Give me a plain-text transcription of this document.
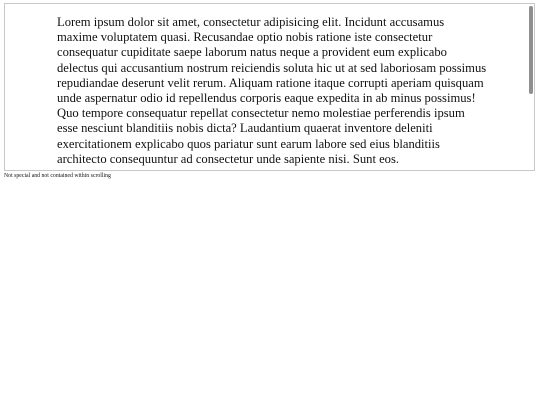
Lorem ipsum dolor sit amet, consectetur adipisicing elit. Incidunt accusamus maxime voluptatem quasi. Recusandae optio nobis ratione iste consectetur consequatur cupiditate saepe laborum natus neque a provident eum explicabo delectus qui accusantium nostrum reiciendis soluta hic ut at sed laboriosam possimus repudiandae deserunt velit rerum. Aliquam ratione itaque corrupti aperiam quisquam unde aspernatur odio id repellendus corporis eaque expedita in ab minus possimus! Quo tempore consequatur repellat consectetur nemo molestiae perferendis ipsum esse nesciunt blanditiis nobis dicta? Laudantium quaerat inventore deleniti exercitationem explicabo quos pariatur sunt earum labore sed eius blanditiis architecto consequuntur ad consectetur unde sapiente nisi. Sunt eos.

Not special and not contained within scrolling
